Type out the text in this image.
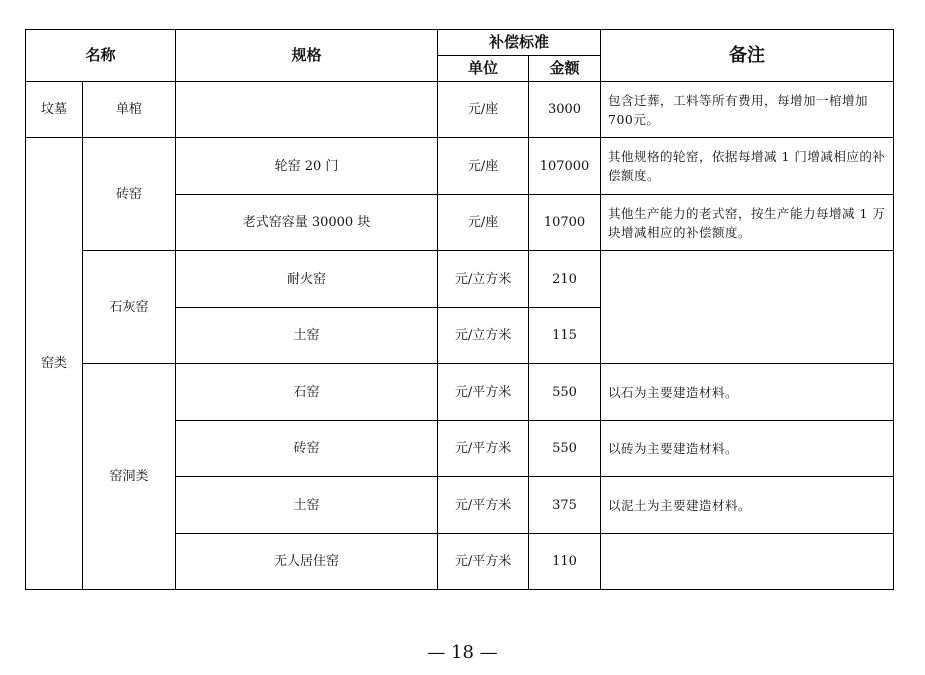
名称		规格	补偿标准		备注
			单位	金额	
坟墓	单棺		元/座	3000	包含迁葬，工料等所有费用，每增加一棺增加700元。
窑类	砖窑	轮窑 20 门	元/座	107000	其他规格的轮窑，依据每增减 1 门增减相应的补偿额度。
		老式窑容量 30000 块	元/座	10700	其他生产能力的老式窑，按生产能力每增减 1 万块增减相应的补偿额度。
	石灰窑	耐火窑	元/立方米	210	
		土窑	元/立方米	115	
	窑洞类	石窑	元/平方米	550	以石为主要建造材料。
		砖窑	元/平方米	550	以砖为主要建造材料。
		土窑	元/平方米	375	以泥土为主要建造材料。
		无人居住窑	元/平方米	110	
— 18 —
